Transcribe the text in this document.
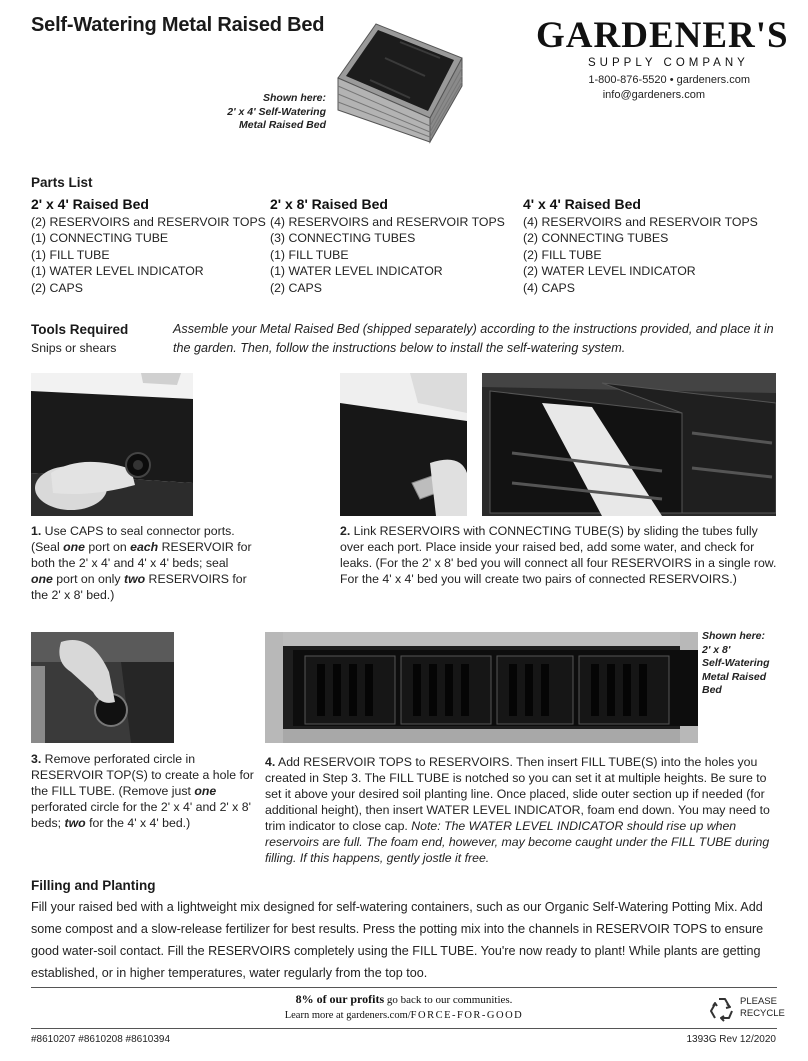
Self-Watering Metal Raised Bed
Shown here:
2' x 4' Self-Watering
Metal Raised Bed
GARDENER'S
SUPPLY COMPANY
1-800-876-5520 • gardeners.com
info@gardeners.com
Parts List
2' x 4' Raised Bed
(2) RESERVOIRS and RESERVOIR TOPS
(1) CONNECTING TUBE
(1) FILL TUBE
(1) WATER LEVEL INDICATOR
(2) CAPS
2' x 8' Raised Bed
(4) RESERVOIRS and RESERVOIR TOPS
(3) CONNECTING TUBES
(1) FILL TUBE
(1) WATER LEVEL INDICATOR
(2) CAPS
4' x 4' Raised Bed
(4) RESERVOIRS and RESERVOIR TOPS
(2) CONNECTING TUBES
(2) FILL TUBE
(2) WATER LEVEL INDICATOR
(4) CAPS
Tools Required
Snips or shears
Assemble your Metal Raised Bed (shipped separately) according to the instructions provided, and place it in the garden. Then, follow the instructions below to install the self-watering system.
1. Use CAPS to seal connector ports. (Seal one port on each RESERVOIR for both the 2' x 4' and 4' x 4' beds; seal one port on only two RESERVOIRS for the 2' x 8' bed.)
2. Link RESERVOIRS with CONNECTING TUBE(S) by sliding the tubes fully over each port. Place inside your raised bed, add some water, and check for leaks. (For the 2' x 8' bed you will connect all four RESERVOIRS in a single row. For the 4' x 4' bed you will create two pairs of connected RESERVOIRS.)
Shown here:
2' x 8'
Self-Watering
Metal Raised
Bed
3. Remove perforated circle in RESERVOIR TOP(S) to create a hole for the FILL TUBE. (Remove just one perforated circle for the 2' x 4' and 2' x 8' beds; two for the 4' x 4' bed.)
4. Add RESERVOIR TOPS to RESERVOIRS. Then insert FILL TUBE(S) into the holes you created in Step 3. The FILL TUBE is notched so you can set it at multiple heights. Be sure to set it above your desired soil planting line. Once placed, slide outer section up if needed (for additional height), then insert WATER LEVEL INDICATOR, foam end down. You may need to trim indicator to close cap. Note: The WATER LEVEL INDICATOR should rise up when reservoirs are full. The foam end, however, may become caught under the FILL TUBE during filling. If this happens, gently jostle it free.
Filling and Planting
Fill your raised bed with a lightweight mix designed for self-watering containers, such as our Organic Self-Watering Potting Mix. Add some compost and a slow-release fertilizer for best results. Press the potting mix into the channels in RESERVOIR TOPS to ensure good water-soil contact. Fill the RESERVOIRS completely using the FILL TUBE. You're now ready to plant! While plants are getting established, or in higher temperatures, water regularly from the top too.
8% of our profits go back to our communities.
Learn more at gardeners.com/FORCE-FOR-GOOD
PLEASE
RECYCLE
#8610207 #8610208 #8610394	1393G Rev 12/2020
